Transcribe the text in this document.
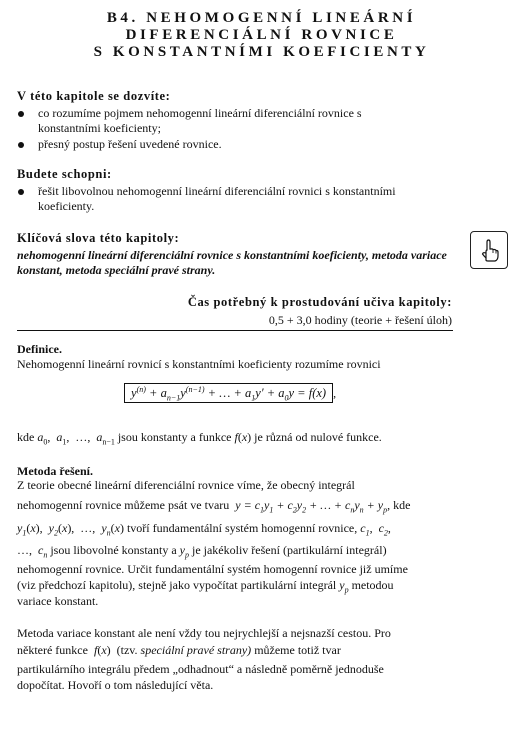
B4. NEHOMOGENNÍ LINEÁRNÍ
DIFERENCIÁLNÍ ROVNICE
S KONSTANTNÍMI KOEFICIENTY
V této kapitole se dozvíte:
co rozumíme pojmem nehomogenní lineární diferenciální rovnice s konstantními koeficienty;
přesný postup řešení uvedené rovnice.
Budete schopni:
řešit libovolnou nehomogenní lineární diferenciální rovnici s konstantními koeficienty.
Klíčová slova této kapitoly:
nehomogenní lineární diferenciální rovnice s konstantními koeficienty, metoda variace konstant, metoda speciální pravé strany.
Čas potřebný k prostudování učiva kapitoly:
0,5 + 3,0 hodiny (teorie + řešení úloh)
Definice.
Nehomogenní lineární rovnicí s konstantními koeficienty rozumíme rovnici
$y^{(n)} + a_{n-1}y^{(n-1)}$ + … + $a_1y' + a_0y = f(x)$ ,
kde $a_0$,  $a_1$,  …,  $a_{n-1}$ jsou konstanty a funkce f(x) je různá od nulové funkce.
Metoda řešení.
Z teorie obecné lineární diferenciální rovnice víme, že obecný integrál
nehomogenní rovnice můžeme psát ve tvaru $y = c_1y_1 + c_2y_2$ + … + $c_ny_n + y_p$, kde
$y_1(x)$,  $y_2(x)$,  …,  $y_n(x)$ tvoří fundamentální systém homogenní rovnice, $c_1$,  $c_2$,
…,  $c_n$ jsou libovolné konstanty a $y_p$ je jakékoliv řešení (partikulární integrál)
nehomogenní rovnice. Určit fundamentální systém homogenní rovnice již umíme
(viz předchozí kapitolu), stejně jako vypočítat partikulární integrál $y_p$ metodou
variace konstant.
Metoda variace konstant ale není vždy tou nejrychlejší a nejsnazší cestou. Pro
některé funkce f(x)  (tzv. speciální pravé strany) můžeme totiž tvar
partikulárního integrálu předem „odhadnout“ a následně poměrně jednoduše
dopočítat. Hovoří o tom následující věta.
